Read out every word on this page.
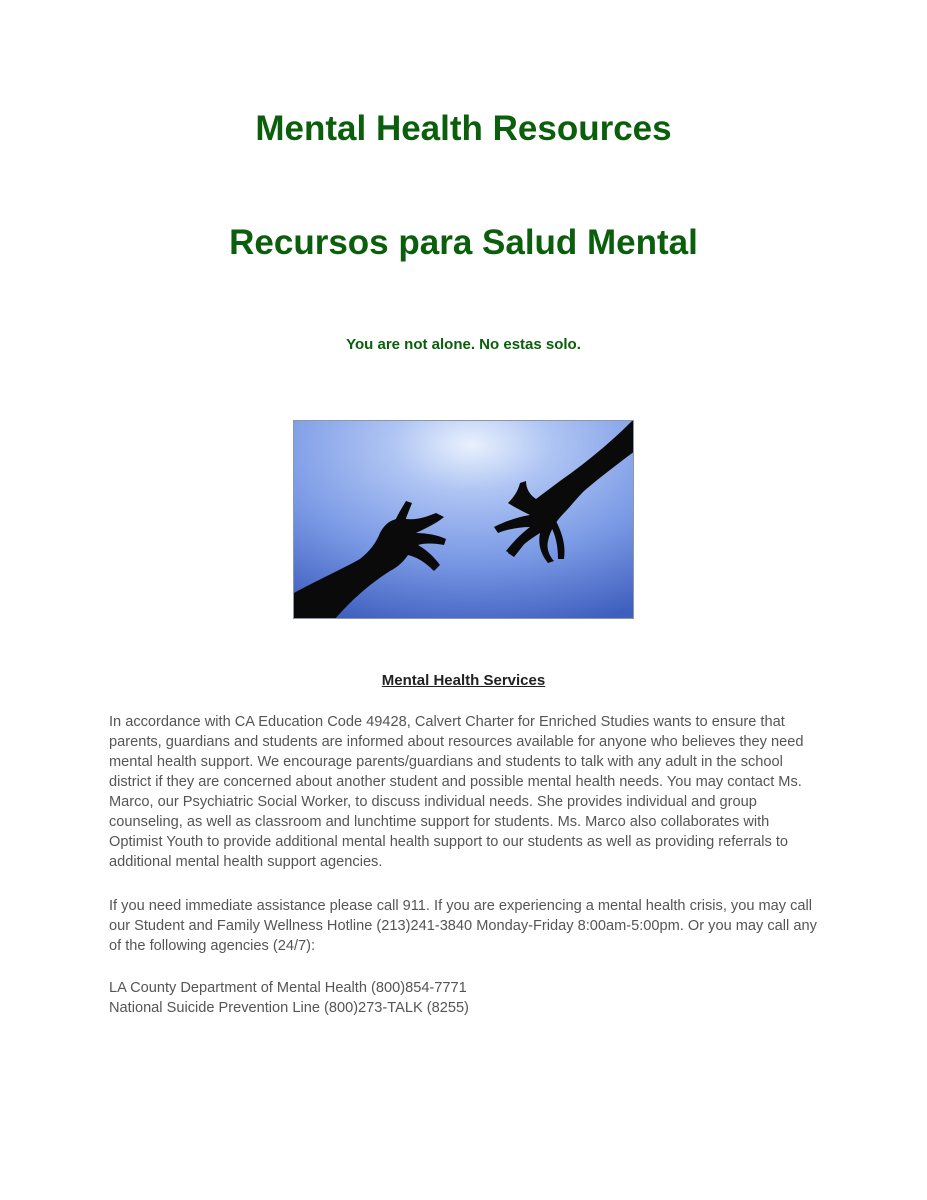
Mental Health Resources
Recursos para Salud Mental

You are not alone. No estas solo.

Mental Health Services

In accordance with CA Education Code 49428, Calvert Charter for Enriched Studies wants to ensure that parents, guardians and students are informed about resources available for anyone who believes they need mental health support. We encourage parents/guardians and students to talk with any adult in the school district if they are concerned about another student and possible mental health needs. You may contact Ms. Marco, our Psychiatric Social Worker, to discuss individual needs. She provides individual and group counseling, as well as classroom and lunchtime support for students. Ms. Marco also collaborates with Optimist Youth to provide additional mental health support to our students as well as providing referrals to additional mental health support agencies.

If you need immediate assistance please call 911. If you are experiencing a mental health crisis, you may call our Student and Family Wellness Hotline (213)241-3840 Monday-Friday 8:00am-5:00pm. Or you may call any of the following agencies (24/7):

LA County Department of Mental Health (800)854-7771
National Suicide Prevention Line (800)273-TALK (8255)
